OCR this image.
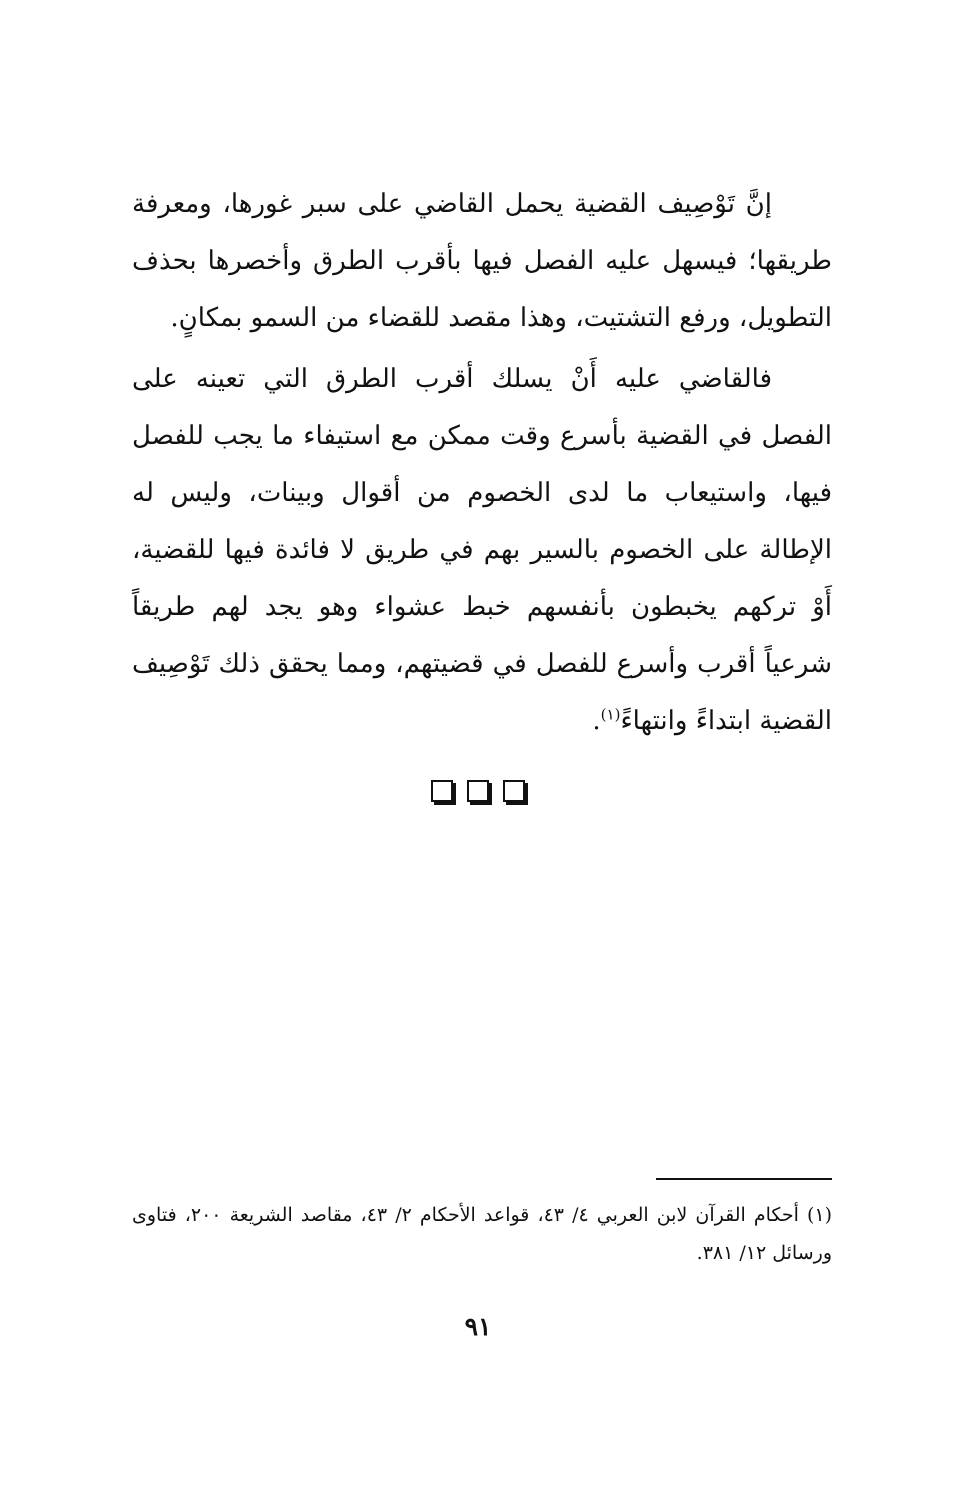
إنَّ تَوْصِيف القضية يحمل القاضي على سبر غورها، ومعرفة طريقها؛ فيسهل عليه الفصل فيها بأقرب الطرق وأخصرها بحذف التطويل، ورفع التشتيت، وهذا مقصد للقضاء من السمو بمكانٍ.

فالقاضي عليه أَنْ يسلك أقرب الطرق التي تعينه على الفصل في القضية بأسرع وقت ممكن مع استيفاء ما يجب للفصل فيها، واستيعاب ما لدى الخصوم من أقوال وبينات، وليس له الإطالة على الخصوم بالسير بهم في طريق لا فائدة فيها للقضية، أَوْ تركهم يخبطون بأنفسهم خبط عشواء وهو يجد لهم طريقاً شرعياً أقرب وأسرع للفصل في قضيتهم، ومما يحقق ذلك تَوْصِيف القضية ابتداءً وانتهاءً$^{(١)}$.

(١)أحكام القرآن لابن العربي ٤/ ٤٣، قواعد الأحكام ٢/ ٤٣، مقاصد الشريعة ٢٠٠، فتاوى ورسائل ١٢/ ٣٨١.

٩١
